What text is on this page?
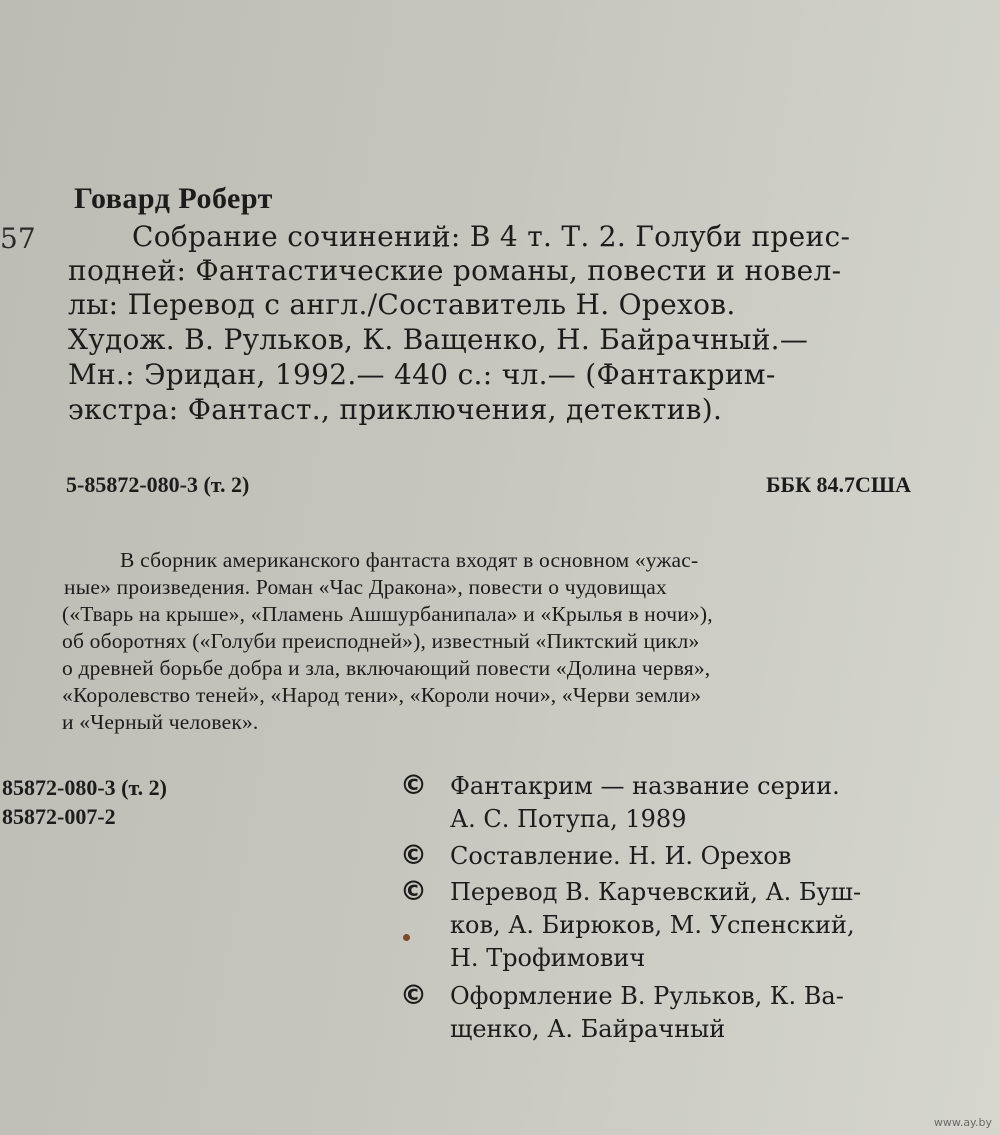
57

Говард Роберт

Собрание сочинений: В 4 т. Т. 2. Голуби преис-

подней: Фантастические романы, повести и новел-

лы: Перевод с англ./Составитель Н. Орехов.

Худож. В. Рульков, К. Ващенко, Н. Байрачный.—

Мн.: Эридан, 1992.— 440 с.: чл.— (Фантакрим-

экстра: Фантаст., приключения, детектив).

5-85872-080-3 (т. 2)	ББК 84.7США

В сборник американского фантаста входят в основном «ужас-

ные» произведения. Роман «Час Дракона», повести о чудовищах

(«Тварь на крыше», «Пламень Ашшурбанипала» и «Крылья в ночи»),

об оборотнях («Голуби преисподней»), известный «Пиктский цикл»

о древней борьбе добра и зла, включающий повести «Долина червя»,

«Королевство теней», «Народ тени», «Короли ночи», «Черви земли»

и «Черный человек».

85872-080-3 (т. 2)

85872-007-2

© Фантакрим — название серии.

А. С. Потупа, 1989

© Составление. Н. И. Орехов

© Перевод В. Карчевский, А. Буш-

ков, А. Бирюков, М. Успенский,

Н. Трофимович

© Оформление В. Рульков, К. Ва-

щенко, А. Байрачный

www.ay.by
